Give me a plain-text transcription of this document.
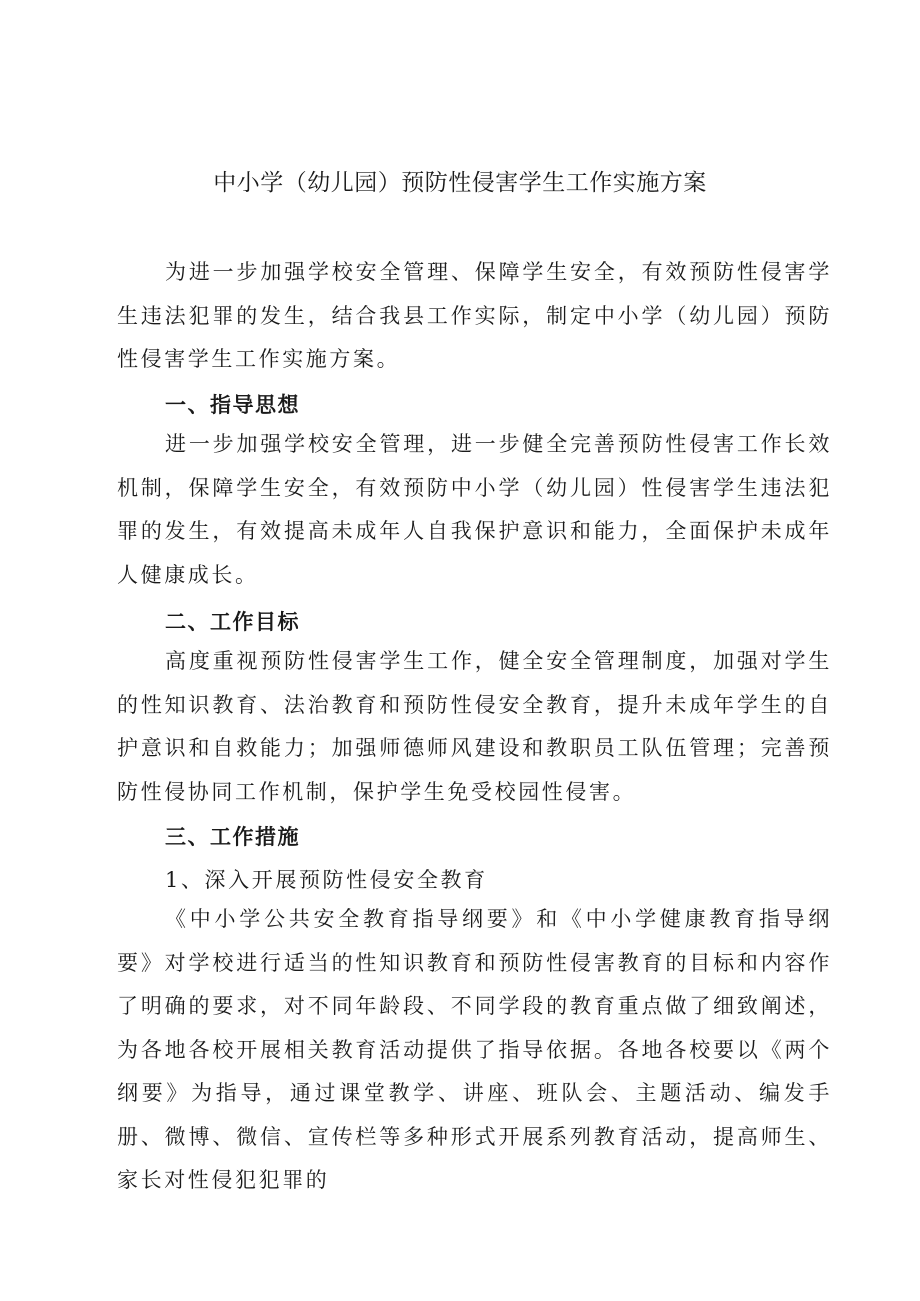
中小学（幼儿园）预防性侵害学生工作实施方案

为进一步加强学校安全管理、保障学生安全，有效预防性侵害学生违法犯罪的发生，结合我县工作实际，制定中小学（幼儿园）预防性侵害学生工作实施方案。

一、指导思想

进一步加强学校安全管理，进一步健全完善预防性侵害工作长效机制，保障学生安全，有效预防中小学（幼儿园）性侵害学生违法犯罪的发生，有效提高未成年人自我保护意识和能力，全面保护未成年人健康成长。

二、工作目标

高度重视预防性侵害学生工作，健全安全管理制度，加强对学生的性知识教育、法治教育和预防性侵安全教育，提升未成年学生的自护意识和自救能力；加强师德师风建设和教职员工队伍管理；完善预防性侵协同工作机制，保护学生免受校园性侵害。

三、工作措施
1、深入开展预防性侵安全教育

《中小学公共安全教育指导纲要》和《中小学健康教育指导纲要》对学校进行适当的性知识教育和预防性侵害教育的目标和内容作了明确的要求，对不同年龄段、不同学段的教育重点做了细致阐述，为各地各校开展相关教育活动提供了指导依据。各地各校要以《两个纲要》为指导，通过课堂教学、讲座、班队会、主题活动、编发手册、微博、微信、宣传栏等多种形式开展系列教育活动，提高师生、家长对性侵犯犯罪的
